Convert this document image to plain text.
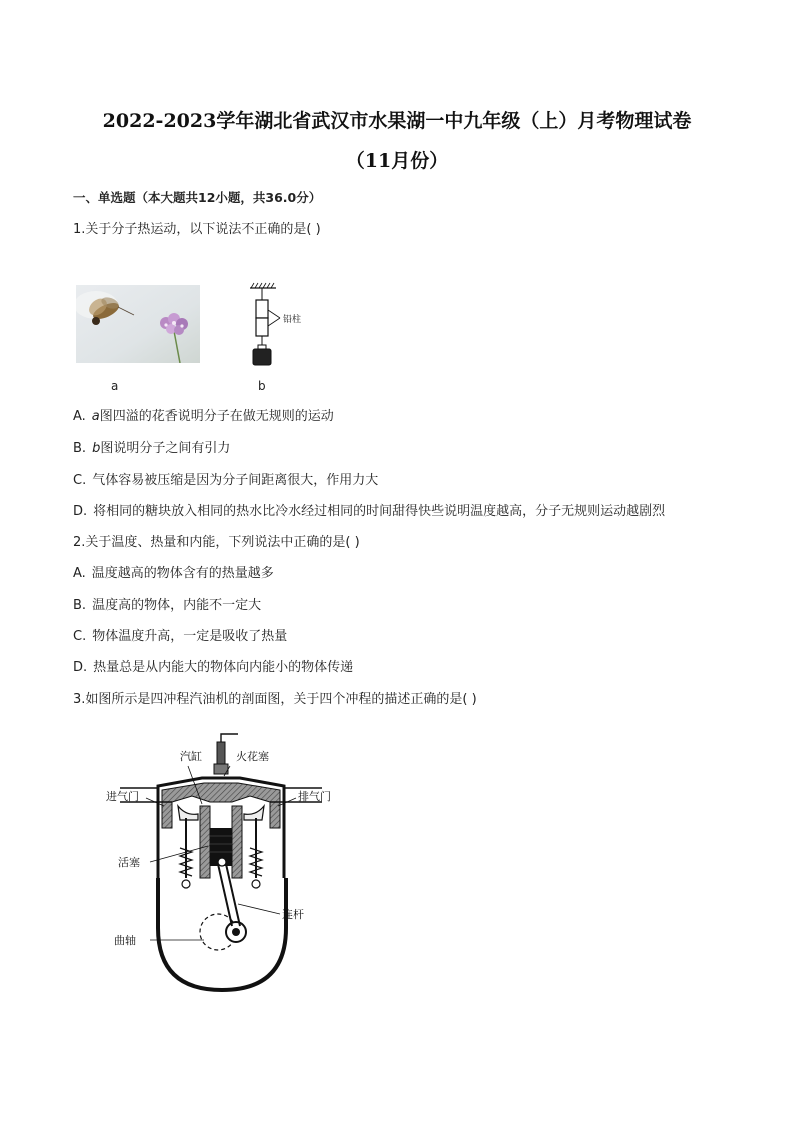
2022-2023学年湖北省武汉市水果湖一中九年级（上）月考物理试卷
（11月份）
一、单选题（本大题共12小题，共36.0分）
1.关于分子热运动，以下说法不正确的是( )
a
铅柱
b
A. a图四溢的花香说明分子在做无规则的运动
B. b图说明分子之间有引力
C. 气体容易被压缩是因为分子间距离很大，作用力大
D. 将相同的糖块放入相同的热水比冷水经过相同的时间甜得快些说明温度越高，分子无规则运动越剧烈
2.关于温度、热量和内能，下列说法中正确的是( )
A. 温度越高的物体含有的热量越多
B. 温度高的物体，内能不一定大
C. 物体温度升高，一定是吸收了热量
D. 热量总是从内能大的物体向内能小的物体传递
3.如图所示是四冲程汽油机的剖面图，关于四个冲程的描述正确的是( )
汽缸	火花塞
进气门	排气门
活塞
连杆
曲轴
